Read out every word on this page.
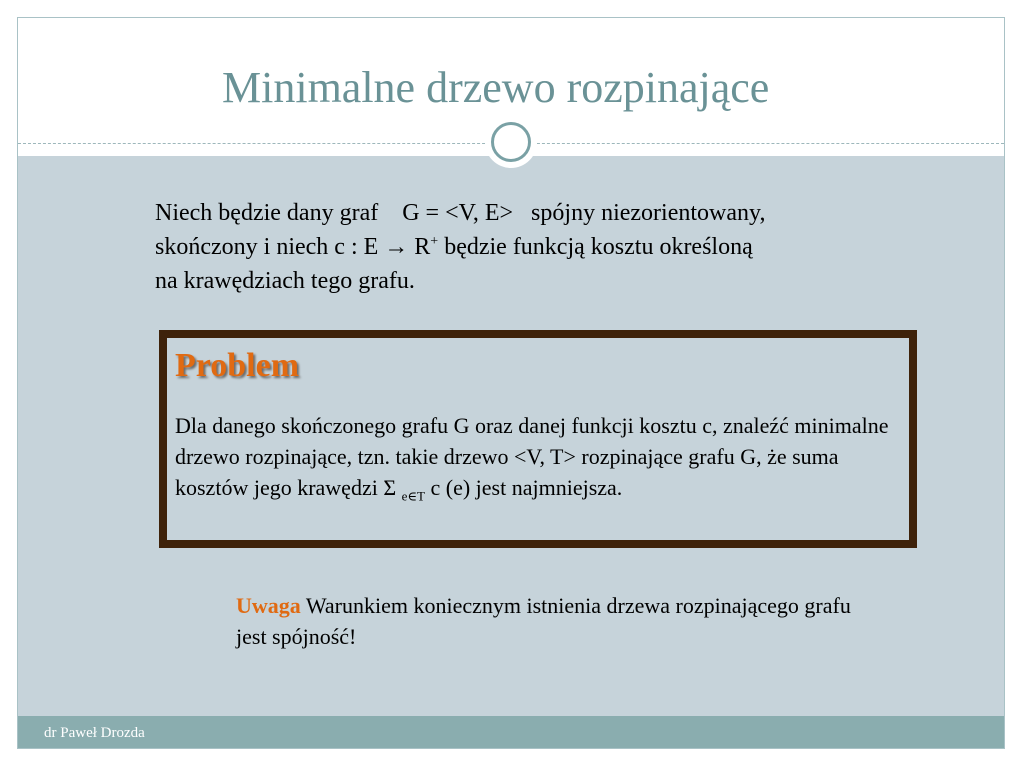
Minimalne drzewo rozpinające

Niech będzie dany graf    G = <V, E>   spójny niezorientowany,
skończony i niech c : E → R+ będzie funkcją kosztu określoną
na krawędziach tego grafu.

Problem

Dla danego skończonego grafu G oraz danej funkcji kosztu c, znaleźć minimalne drzewo rozpinające, tzn. takie drzewo <V, T> rozpinające grafu G, że suma kosztów jego krawędzi Σ $_{e\in T}$ c (e) jest najmniejsza.

Uwaga Warunkiem koniecznym istnienia drzewa rozpinającego grafu jest spójność!

dr Paweł Drozda
